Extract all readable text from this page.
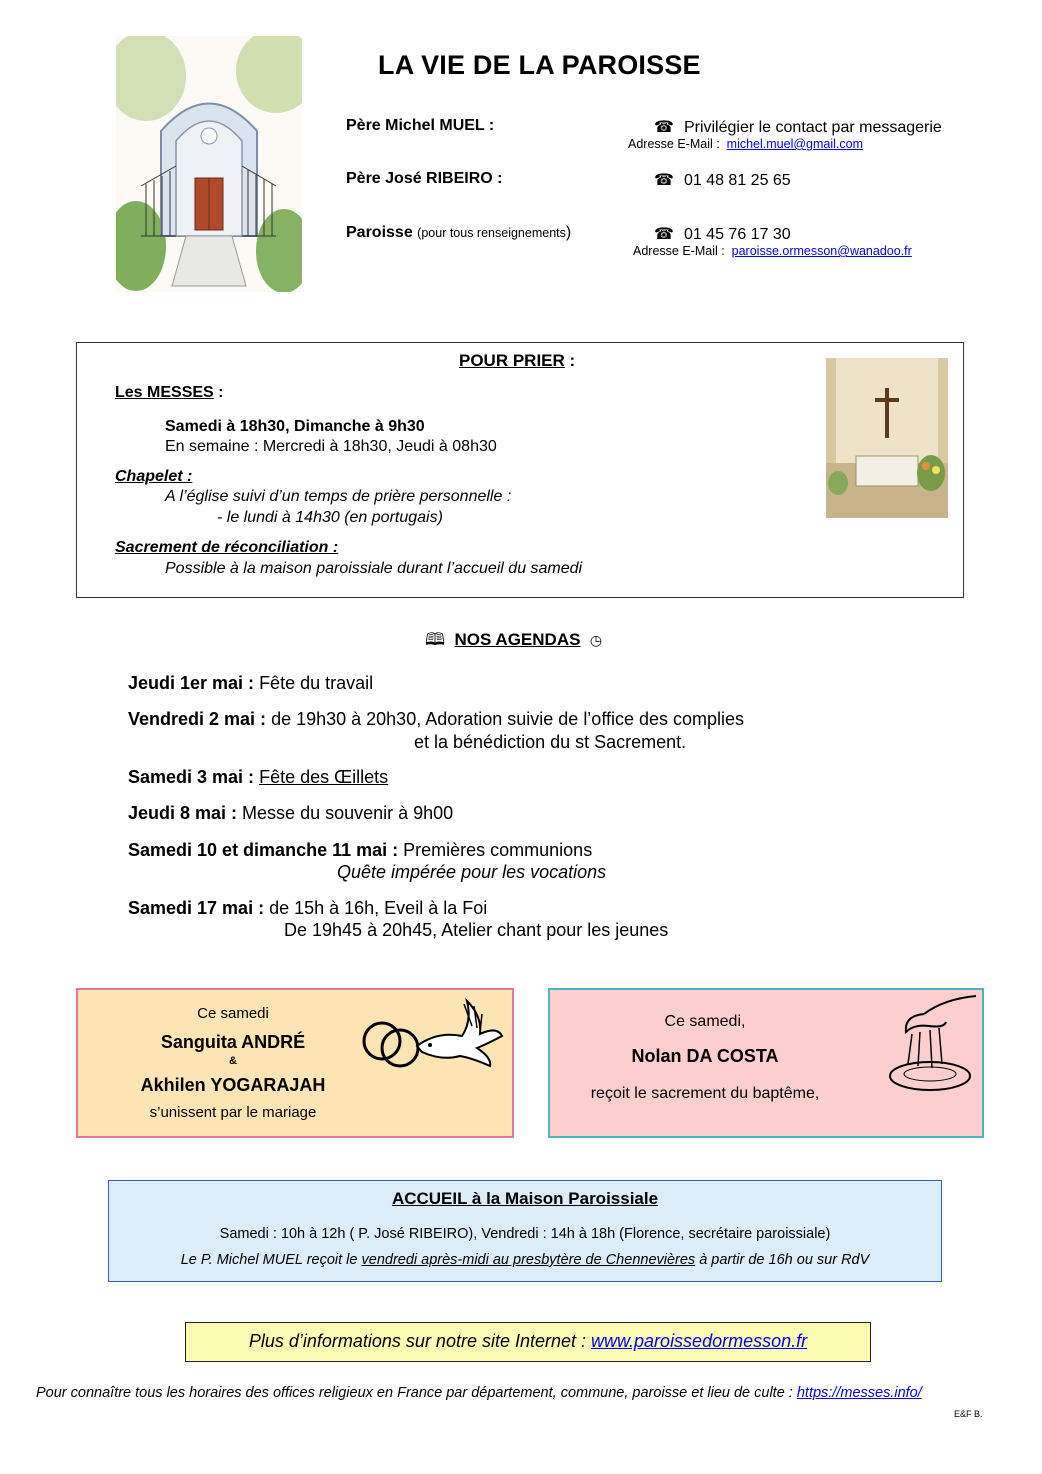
LA VIE DE LA PAROISSE
Père Michel MUEL :	☎ Privilégier le contact par messagerie
Adresse E-Mail : michel.muel@gmail.com
Père José RIBEIRO :	☎ 01 48 81 25 65
Paroisse (pour tous renseignements)	☎ 01 45 76 17 30
Adresse E-Mail : paroisse.ormesson@wanadoo.fr
POUR PRIER :
Les MESSES :
Samedi à 18h30, Dimanche à 9h30
En semaine : Mercredi à 18h30, Jeudi à 08h30
Chapelet :
A l’église suivi d’un temps de prière personnelle :
- le lundi à 14h30 (en portugais)
Sacrement de réconciliation :
Possible à la maison paroissiale durant l’accueil du samedi
🕮 NOS AGENDAS ◷
Jeudi 1er mai : Fête du travail
Vendredi 2 mai : de 19h30 à 20h30, Adoration suivie de l’office des complies
et la bénédiction du st Sacrement.
Samedi 3 mai : Fête des Œillets
Jeudi 8 mai : Messe du souvenir à 9h00
Samedi 10 et dimanche 11 mai : Premières communions
Quête impérée pour les vocations
Samedi 17 mai : de 15h à 16h, Eveil à la Foi
De 19h45 à 20h45, Atelier chant pour les jeunes
Ce samedi
Sanguita ANDRÉ
&
Akhilen YOGARAJAH
s’unissent par le mariage
Ce samedi,
Nolan DA COSTA
reçoit le sacrement du baptême,
ACCUEIL à la Maison Paroissiale
Samedi : 10h à 12h ( P. José RIBEIRO), Vendredi : 14h à 18h (Florence, secrétaire paroissiale)
Le P. Michel MUEL reçoit le vendredi après-midi au presbytère de Chennevières à partir de 16h ou sur RdV
Plus d’informations sur notre site Internet : www.paroissedormesson.fr
Pour connaître tous les horaires des offices religieux en France par département, commune, paroisse et lieu de culte : https://messes.info/
E&F B.
